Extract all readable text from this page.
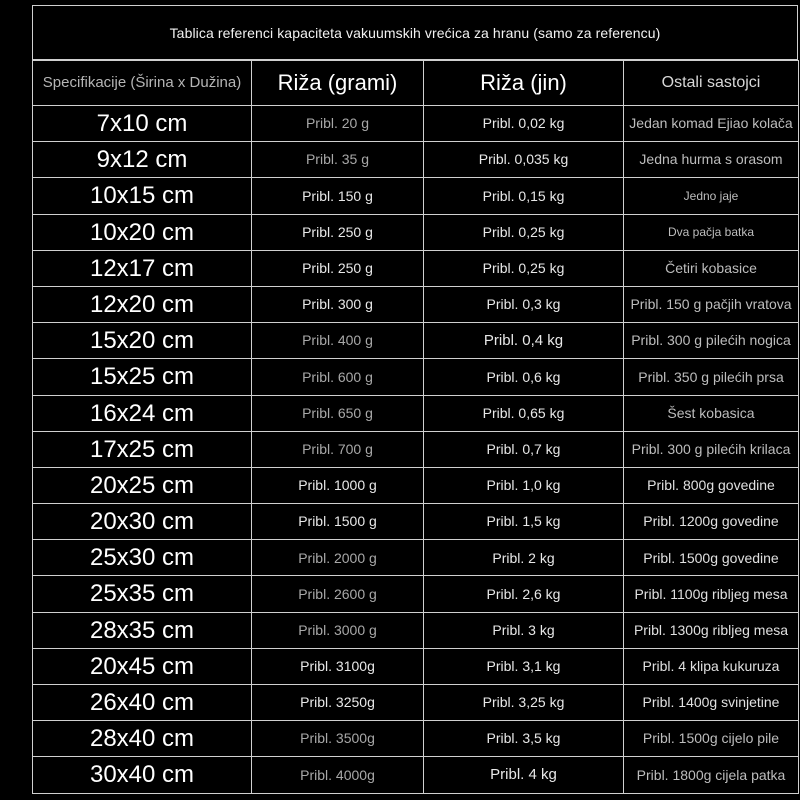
Tablica referenci kapaciteta vakuumskih vrećica za hranu (samo za referencu)
Specifikacije (Širina x Dužina)	Riža (grami)	Riža (jin)	Ostali sastojci
7x10 cm	Pribl. 20 g	Pribl. 0,02 kg	Jedan komad Ejiao kolača
9x12 cm	Pribl. 35 g	Pribl. 0,035 kg	Jedna hurma s orasom
10x15 cm	Pribl. 150 g	Pribl. 0,15 kg	Jedno jaje
10x20 cm	Pribl. 250 g	Pribl. 0,25 kg	Dva pačja batka
12x17 cm	Pribl. 250 g	Pribl. 0,25 kg	Četiri kobasice
12x20 cm	Pribl. 300 g	Pribl. 0,3 kg	Pribl. 150 g pačjih vratova
15x20 cm	Pribl. 400 g	Pribl. 0,4 kg	Pribl. 300 g pilećih nogica
15x25 cm	Pribl. 600 g	Pribl. 0,6 kg	Pribl. 350 g pilećih prsa
16x24 cm	Pribl. 650 g	Pribl. 0,65 kg	Šest kobasica
17x25 cm	Pribl. 700 g	Pribl. 0,7 kg	Pribl. 300 g pilećih krilaca
20x25 cm	Pribl. 1000 g	Pribl. 1,0 kg	Pribl. 800g govedine
20x30 cm	Pribl. 1500 g	Pribl. 1,5 kg	Pribl. 1200g govedine
25x30 cm	Pribl. 2000 g	Pribl. 2 kg	Pribl. 1500g govedine
25x35 cm	Pribl. 2600 g	Pribl. 2,6 kg	Pribl. 1100g ribljeg mesa
28x35 cm	Pribl. 3000 g	Pribl. 3 kg	Pribl. 1300g ribljeg mesa
20x45 cm	Pribl. 3100g	Pribl. 3,1 kg	Pribl. 4 klipa kukuruza
26x40 cm	Pribl. 3250g	Pribl. 3,25 kg	Pribl. 1400g svinjetine
28x40 cm	Pribl. 3500g	Pribl. 3,5 kg	Pribl. 1500g cijelo pile
30x40 cm	Pribl. 4000g	Pribl. 4 kg	Pribl. 1800g cijela patka
